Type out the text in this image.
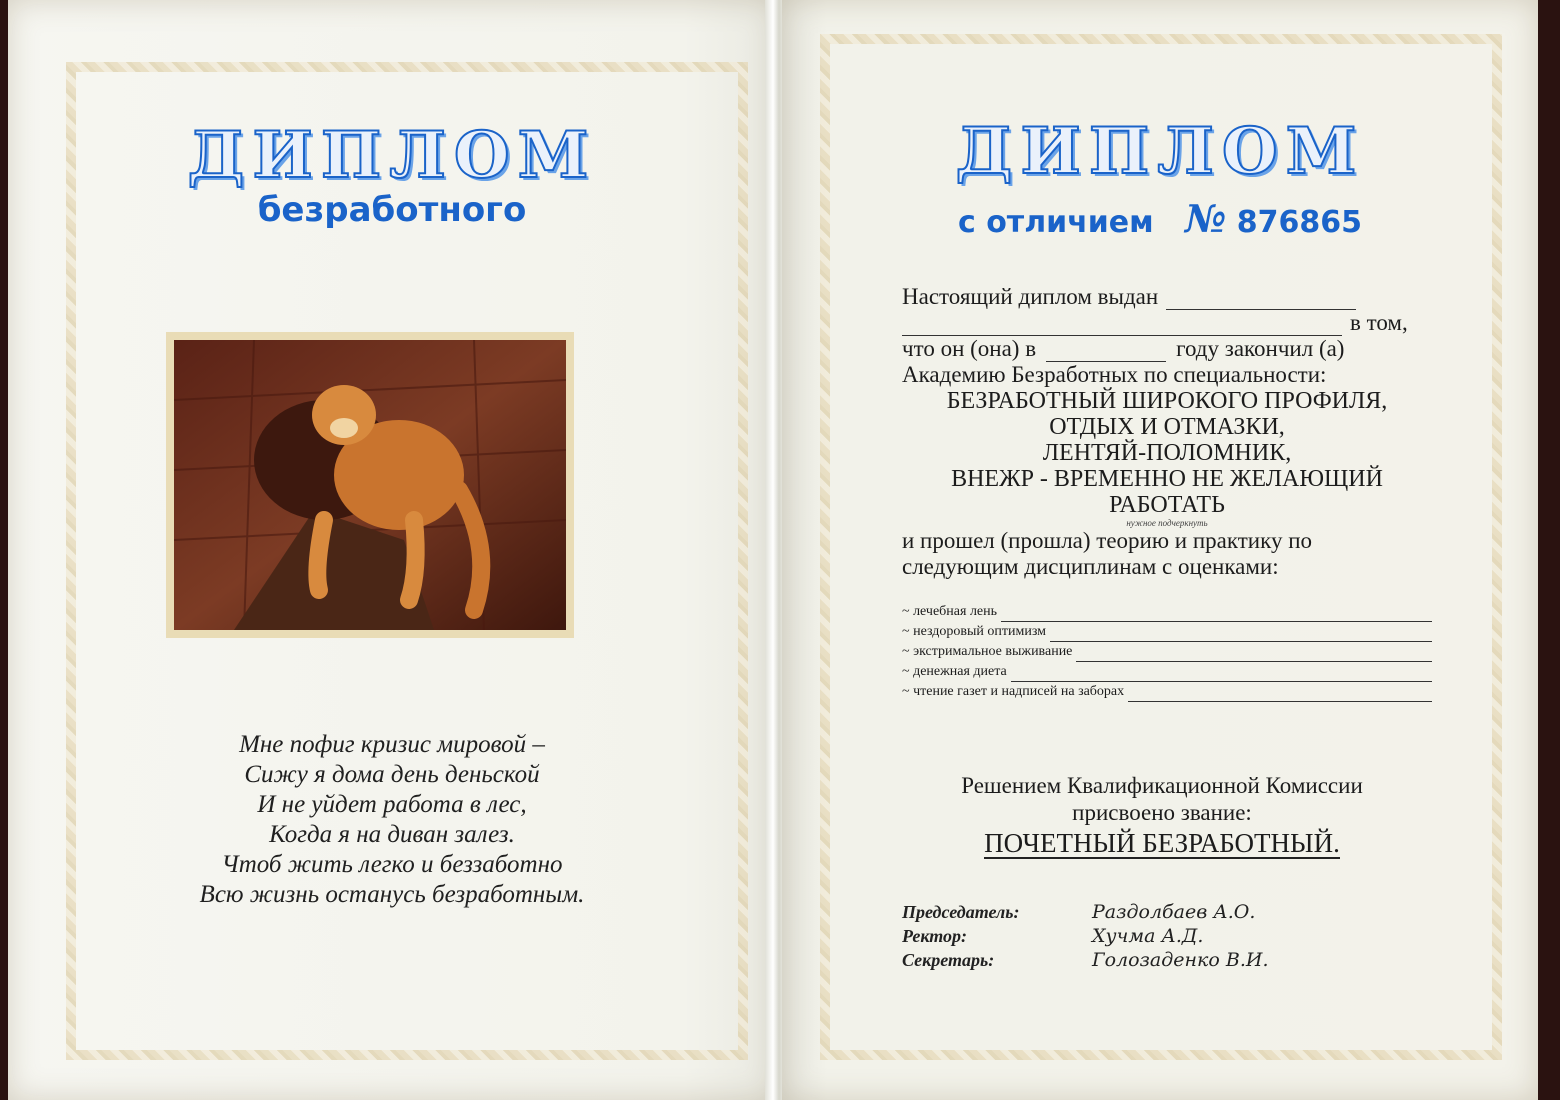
ДИПЛОМ
безработного
Мне пофиг кризис мировой –
Сижу я дома день деньской
И не уйдет работа в лес,
Когда я на диван залез.
Чтоб жить легко и беззаботно
Всю жизнь останусь безработным.
ДИПЛОМ
с отличием № 876865
Настоящий диплом выдан
в том,
что он (она) в	году закончил (а)
Академию Безработных по специальности:
БЕЗРАБОТНЫЙ ШИРОКОГО ПРОФИЛЯ,
ОТДЫХ И ОТМАЗКИ,
ЛЕНТЯЙ-ПОЛОМНИК,
ВНЕЖР - ВРЕМЕННО НЕ ЖЕЛАЮЩИЙ
РАБОТАТЬ
нужное подчеркнуть
и прошел (прошла) теорию и практику по
следующим дисциплинам с оценками:
~ лечебная лень
~ нездоровый оптимизм
~ экстримальное выживание
~ денежная диета
~ чтение газет и надписей на заборах
Решением Квалификационной Комиссии
присвоено звание:
ПОЧЕТНЫЙ БЕЗРАБОТНЫЙ.
Председатель:	Раздолбаев А.О.
Ректор:	Хучма А.Д.
Секретарь:	Голозаденко В.И.
